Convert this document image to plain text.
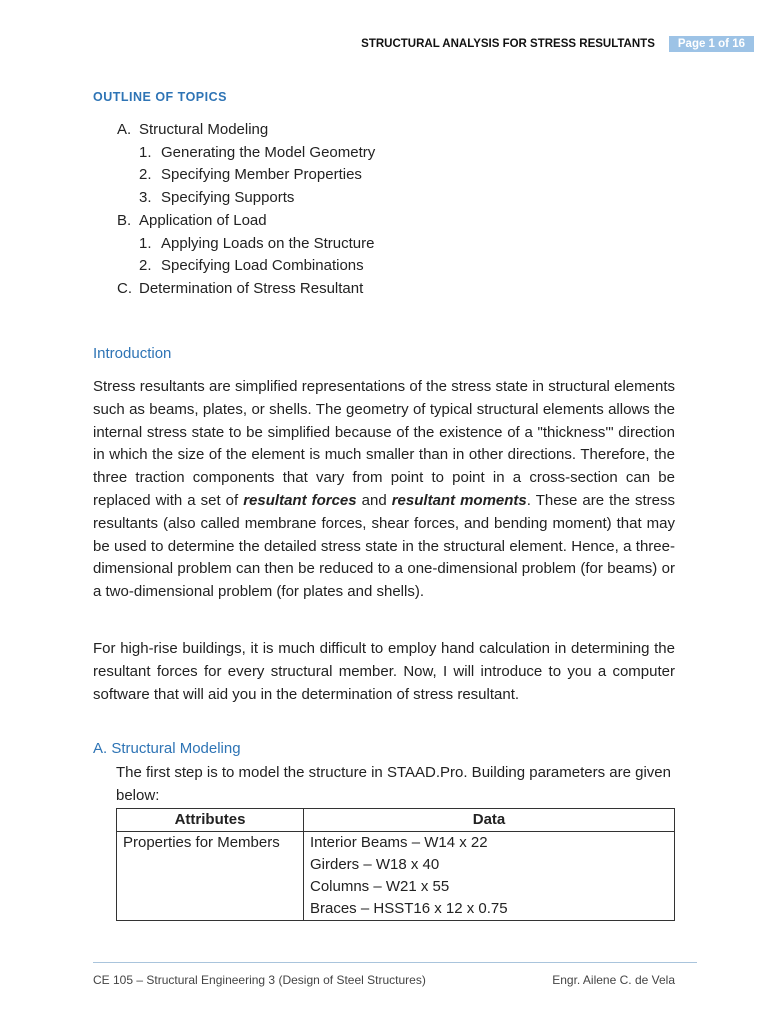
STRUCTURAL ANALYSIS FOR STRESS RESULTANTS	Page 1 of 16
OUTLINE OF TOPICS
A. Structural Modeling
1. Generating the Model Geometry
2. Specifying Member Properties
3. Specifying Supports
B. Application of Load
1. Applying Loads on the Structure
2. Specifying Load Combinations
C. Determination of Stress Resultant
Introduction
Stress resultants are simplified representations of the stress state in structural elements such as beams, plates, or shells. The geometry of typical structural elements allows the internal stress state to be simplified because of the existence of a "thickness'" direction in which the size of the element is much smaller than in other directions. Therefore, the three traction components that vary from point to point in a cross-section can be replaced with a set of resultant forces and resultant moments. These are the stress resultants (also called membrane forces, shear forces, and bending moment) that may be used to determine the detailed stress state in the structural element. Hence, a three-dimensional problem can then be reduced to a one-dimensional problem (for beams) or a two-dimensional problem (for plates and shells).
For high-rise buildings, it is much difficult to employ hand calculation in determining the resultant forces for every structural member. Now, I will introduce to you a computer software that will aid you in the determination of stress resultant.
A. Structural Modeling
The first step is to model the structure in STAAD.Pro. Building parameters are given below:
Attributes	Data
Properties for Members	Interior Beams – W14 x 22
Girders – W18 x 40
Columns – W21 x 55
Braces – HSST16 x 12 x 0.75
CE 105 – Structural Engineering 3 (Design of Steel Structures)	Engr. Ailene C. de Vela
